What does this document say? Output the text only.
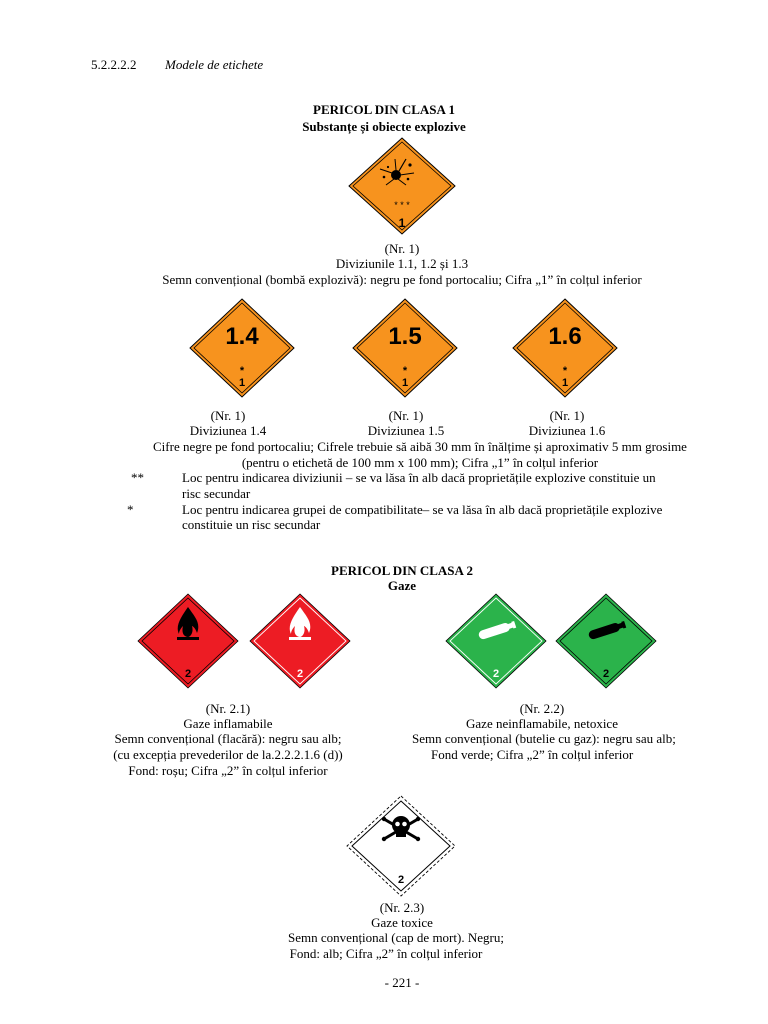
5.2.2.2.2 Modele de etichete
PERICOL DIN CLASA 1
Substanțe și obiecte explozive
* * *
1
(Nr. 1)
Diviziunile 1.1, 1.2 și 1.3
Semn convențional (bombă explozivă): negru pe fond portocaliu; Cifra „1” în colțul inferior
1.4
*
1
1.5
*
1
1.6
*
1
(Nr. 1)
Diviziunea 1.4
(Nr. 1)
Diviziunea 1.5
(Nr. 1)
Diviziunea 1.6
Cifre negre pe fond portocaliu; Cifrele trebuie să aibă 30 mm în înălțime și aproximativ 5 mm grosime
(pentru o etichetă de 100 mm x 100 mm); Cifra „1” în colțul inferior
**	Loc pentru indicarea diviziunii – se va lăsa în alb dacă proprietățile explozive constituie un
risc secundar
*	Loc pentru indicarea grupei de compatibilitate– se va lăsa în alb dacă proprietățile explozive
constituie un risc secundar
PERICOL DIN CLASA 2
Gaze
2	2	2	2
(Nr. 2.1)
Gaze inflamabile
Semn convențional (flacără): negru sau alb;
(cu excepția prevederilor de la.2.2.2.1.6 (d))
Fond: roșu; Cifra „2” în colțul inferior
(Nr. 2.2)
Gaze neinflamabile, netoxice
Semn convențional (butelie cu gaz): negru sau alb;
Fond verde; Cifra „2” în colțul inferior
2
(Nr. 2.3)
Gaze toxice
Semn convențional (cap de mort). Negru;
Fond: alb; Cifra „2” în colțul inferior
- 221 -
